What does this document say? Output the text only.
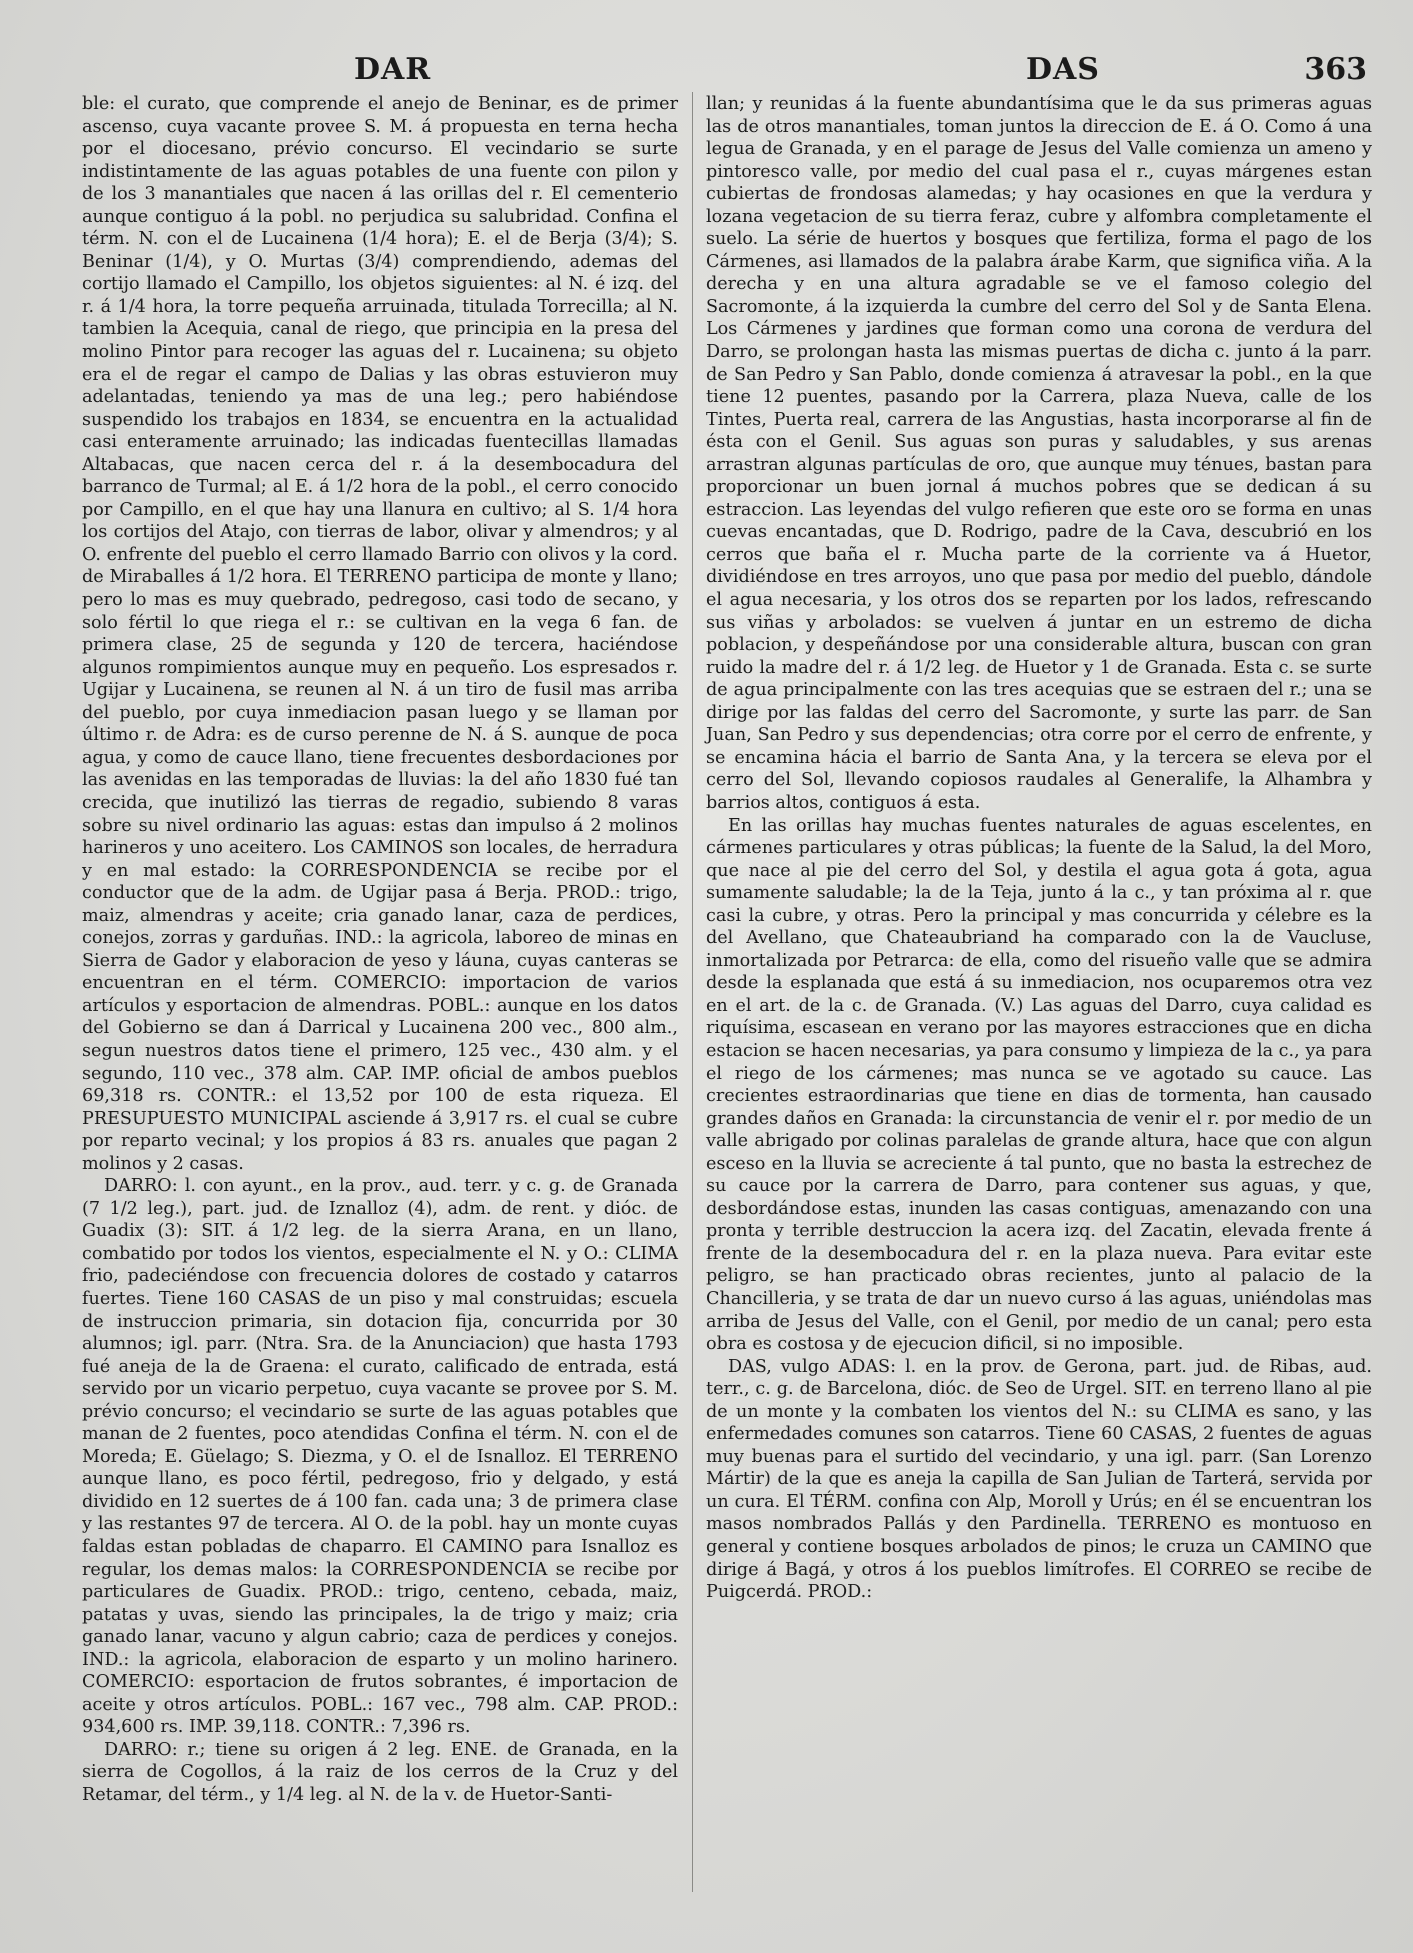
DAR	DAS	363

ble: el curato, que comprende el anejo de Beninar, es de primer ascenso, cuya vacante provee S. M. á propuesta en terna hecha por el diocesano, prévio concurso. El vecindario se surte indistintamente de las aguas potables de una fuente con pilon y de los 3 manantiales que nacen á las orillas del r. El cementerio aunque contiguo á la pobl. no perjudica su salubridad. Confina el térm. N. con el de Lucainena (1/4 hora); E. el de Berja (3/4); S. Beninar (1/4), y O. Murtas (3/4) comprendiendo, ademas del cortijo llamado el Campillo, los objetos siguientes: al N. é izq. del r. á 1/4 hora, la torre pequeña arruinada, titulada Torrecilla; al N. tambien la Acequia, canal de riego, que principia en la presa del molino Pintor para recoger las aguas del r. Lucainena; su objeto era el de regar el campo de Dalias y las obras estuvieron muy adelantadas, teniendo ya mas de una leg.; pero habiéndose suspendido los trabajos en 1834, se encuentra en la actualidad casi enteramente arruinado; las indicadas fuentecillas llamadas Altabacas, que nacen cerca del r. á la desembocadura del barranco de Turmal; al E. á 1/2 hora de la pobl., el cerro conocido por Campillo, en el que hay una llanura en cultivo; al S. 1/4 hora los cortijos del Atajo, con tierras de labor, olivar y almendros; y al O. enfrente del pueblo el cerro llamado Barrio con olivos y la cord. de Miraballes á 1/2 hora. El TERRENO participa de monte y llano; pero lo mas es muy quebrado, pedregoso, casi todo de secano, y solo fértil lo que riega el r.: se cultivan en la vega 6 fan. de primera clase, 25 de segunda y 120 de tercera, haciéndose algunos rompimientos aunque muy en pequeño. Los espresados r. Ugijar y Lucainena, se reunen al N. á un tiro de fusil mas arriba del pueblo, por cuya inmediacion pasan luego y se llaman por último r. de Adra: es de curso perenne de N. á S. aunque de poca agua, y como de cauce llano, tiene frecuentes desbordaciones por las avenidas en las temporadas de lluvias: la del año 1830 fué tan crecida, que inutilizó las tierras de regadio, subiendo 8 varas sobre su nivel ordinario las aguas: estas dan impulso á 2 molinos harineros y uno aceitero. Los CAMINOS son locales, de herradura y en mal estado: la CORRESPONDENCIA se recibe por el conductor que de la adm. de Ugijar pasa á Berja. PROD.: trigo, maiz, almendras y aceite; cria ganado lanar, caza de perdices, conejos, zorras y garduñas. IND.: la agricola, laboreo de minas en Sierra de Gador y elaboracion de yeso y láuna, cuyas canteras se encuentran en el térm. COMERCIO: importacion de varios artículos y esportacion de almendras. POBL.: aunque en los datos del Gobierno se dan á Darrical y Lucainena 200 vec., 800 alm., segun nuestros datos tiene el primero, 125 vec., 430 alm. y el segundo, 110 vec., 378 alm. CAP. IMP. oficial de ambos pueblos 69,318 rs. CONTR.: el 13,52 por 100 de esta riqueza. El PRESUPUESTO MUNICIPAL asciende á 3,917 rs. el cual se cubre por reparto vecinal; y los propios á 83 rs. anuales que pagan 2 molinos y 2 casas.

DARRO: l. con ayunt., en la prov., aud. terr. y c. g. de Granada (7 1/2 leg.), part. jud. de Iznalloz (4), adm. de rent. y dióc. de Guadix (3): SIT. á 1/2 leg. de la sierra Arana, en un llano, combatido por todos los vientos, especialmente el N. y O.: CLIMA frio, padeciéndose con frecuencia dolores de costado y catarros fuertes. Tiene 160 CASAS de un piso y mal construidas; escuela de instruccion primaria, sin dotacion fija, concurrida por 30 alumnos; igl. parr. (Ntra. Sra. de la Anunciacion) que hasta 1793 fué aneja de la de Graena: el curato, calificado de entrada, está servido por un vicario perpetuo, cuya vacante se provee por S. M. prévio concurso; el vecindario se surte de las aguas potables que manan de 2 fuentes, poco atendidas Confina el térm. N. con el de Moreda; E. Güelago; S. Diezma, y O. el de Isnalloz. El TERRENO aunque llano, es poco fértil, pedregoso, frio y delgado, y está dividido en 12 suertes de á 100 fan. cada una; 3 de primera clase y las restantes 97 de tercera. Al O. de la pobl. hay un monte cuyas faldas estan pobladas de chaparro. El CAMINO para Isnalloz es regular, los demas malos: la CORRESPONDENCIA se recibe por particulares de Guadix. PROD.: trigo, centeno, cebada, maiz, patatas y uvas, siendo las principales, la de trigo y maiz; cria ganado lanar, vacuno y algun cabrio; caza de perdices y conejos. IND.: la agricola, elaboracion de esparto y un molino harinero. COMERCIO: esportacion de frutos sobrantes, é importacion de aceite y otros artículos. POBL.: 167 vec., 798 alm. CAP. PROD.: 934,600 rs. IMP. 39,118. CONTR.: 7,396 rs.

DARRO: r.; tiene su origen á 2 leg. ENE. de Granada, en la sierra de Cogollos, á la raiz de los cerros de la Cruz y del Retamar, del térm., y 1/4 leg. al N. de la v. de Huetor-Santi-

llan; y reunidas á la fuente abundantísima que le da sus primeras aguas las de otros manantiales, toman juntos la direccion de E. á O. Como á una legua de Granada, y en el parage de Jesus del Valle comienza un ameno y pintoresco valle, por medio del cual pasa el r., cuyas márgenes estan cubiertas de frondosas alamedas; y hay ocasiones en que la verdura y lozana vegetacion de su tierra feraz, cubre y alfombra completamente el suelo. La série de huertos y bosques que fertiliza, forma el pago de los Cármenes, asi llamados de la palabra árabe Karm, que significa viña. A la derecha y en una altura agradable se ve el famoso colegio del Sacromonte, á la izquierda la cumbre del cerro del Sol y de Santa Elena. Los Cármenes y jardines que forman como una corona de verdura del Darro, se prolongan hasta las mismas puertas de dicha c. junto á la parr. de San Pedro y San Pablo, donde comienza á atravesar la pobl., en la que tiene 12 puentes, pasando por la Carrera, plaza Nueva, calle de los Tintes, Puerta real, carrera de las Angustias, hasta incorporarse al fin de ésta con el Genil. Sus aguas son puras y saludables, y sus arenas arrastran algunas partículas de oro, que aunque muy ténues, bastan para proporcionar un buen jornal á muchos pobres que se dedican á su estraccion. Las leyendas del vulgo refieren que este oro se forma en unas cuevas encantadas, que D. Rodrigo, padre de la Cava, descubrió en los cerros que baña el r. Mucha parte de la corriente va á Huetor, dividiéndose en tres arroyos, uno que pasa por medio del pueblo, dándole el agua necesaria, y los otros dos se reparten por los lados, refrescando sus viñas y arbolados: se vuelven á juntar en un estremo de dicha poblacion, y despeñándose por una considerable altura, buscan con gran ruido la madre del r. á 1/2 leg. de Huetor y 1 de Granada. Esta c. se surte de agua principalmente con las tres acequias que se estraen del r.; una se dirige por las faldas del cerro del Sacromonte, y surte las parr. de San Juan, San Pedro y sus dependencias; otra corre por el cerro de enfrente, y se encamina hácia el barrio de Santa Ana, y la tercera se eleva por el cerro del Sol, llevando copiosos raudales al Generalife, la Alhambra y barrios altos, contiguos á esta.

En las orillas hay muchas fuentes naturales de aguas escelentes, en cármenes particulares y otras públicas; la fuente de la Salud, la del Moro, que nace al pie del cerro del Sol, y destila el agua gota á gota, agua sumamente saludable; la de la Teja, junto á la c., y tan próxima al r. que casi la cubre, y otras. Pero la principal y mas concurrida y célebre es la del Avellano, que Chateaubriand ha comparado con la de Vaucluse, inmortalizada por Petrarca: de ella, como del risueño valle que se admira desde la esplanada que está á su inmediacion, nos ocuparemos otra vez en el art. de la c. de Granada. (V.) Las aguas del Darro, cuya calidad es riquísima, escasean en verano por las mayores estracciones que en dicha estacion se hacen necesarias, ya para consumo y limpieza de la c., ya para el riego de los cármenes; mas nunca se ve agotado su cauce. Las crecientes estraordinarias que tiene en dias de tormenta, han causado grandes daños en Granada: la circunstancia de venir el r. por medio de un valle abrigado por colinas paralelas de grande altura, hace que con algun esceso en la lluvia se acreciente á tal punto, que no basta la estrechez de su cauce por la carrera de Darro, para contener sus aguas, y que, desbordándose estas, inunden las casas contiguas, amenazando con una pronta y terrible destruccion la acera izq. del Zacatin, elevada frente á frente de la desembocadura del r. en la plaza nueva. Para evitar este peligro, se han practicado obras recientes, junto al palacio de la Chancilleria, y se trata de dar un nuevo curso á las aguas, uniéndolas mas arriba de Jesus del Valle, con el Genil, por medio de un canal; pero esta obra es costosa y de ejecucion dificil, si no imposible.

DAS, vulgo ADAS: l. en la prov. de Gerona, part. jud. de Ribas, aud. terr., c. g. de Barcelona, dióc. de Seo de Urgel. SIT. en terreno llano al pie de un monte y la combaten los vientos del N.: su CLIMA es sano, y las enfermedades comunes son catarros. Tiene 60 CASAS, 2 fuentes de aguas muy buenas para el surtido del vecindario, y una igl. parr. (San Lorenzo Mártir) de la que es aneja la capilla de San Julian de Tarterá, servida por un cura. El TÉRM. confina con Alp, Moroll y Urús; en él se encuentran los masos nombrados Pallás y den Pardinella. TERRENO es montuoso en general y contiene bosques arbolados de pinos; le cruza un CAMINO que dirige á Bagá, y otros á los pueblos limítrofes. El CORREO se recibe de Puigcerdá. PROD.:
